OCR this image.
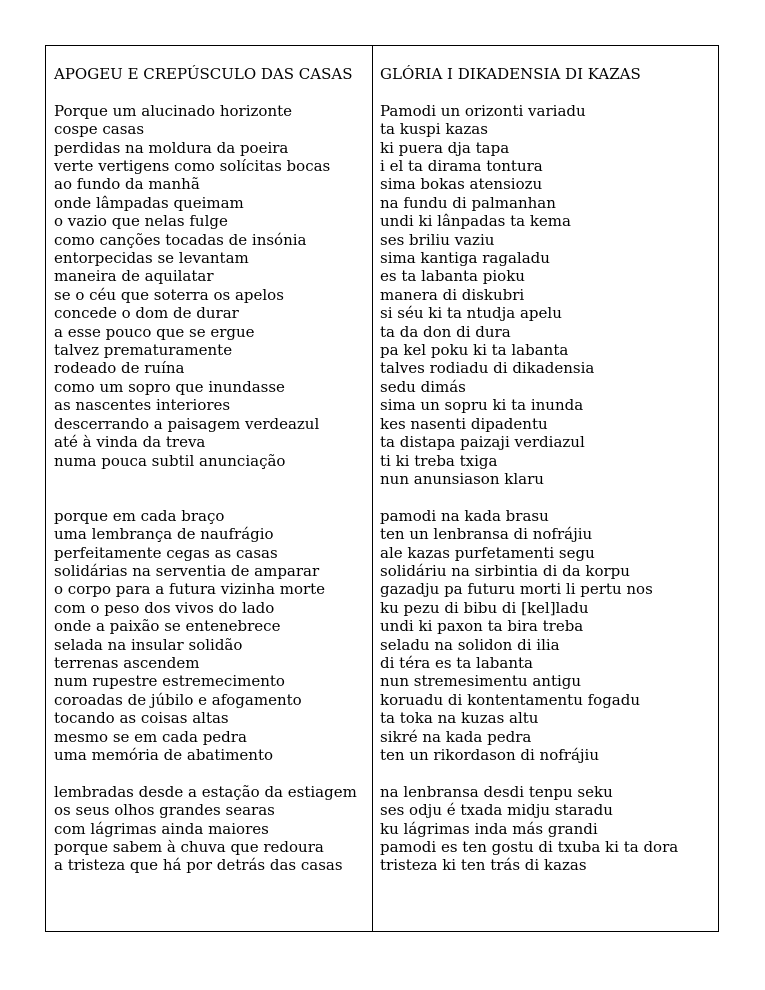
APOGEU E CREPÚSCULO DAS CASAS

Porque um alucinado horizonte

cospe casas

perdidas na moldura da poeira

verte vertigens como solícitas bocas

ao fundo da manhã

onde lâmpadas queimam

o vazio que nelas fulge

como canções tocadas de insónia

entorpecidas se levantam

maneira de aquilatar

se o céu que soterra os apelos

concede o dom de durar

a esse pouco que se ergue

talvez prematuramente

rodeado de ruína

como um sopro que inundasse

as nascentes interiores

descerrando a paisagem verdeazul

até à vinda da treva

numa pouca subtil anunciação

porque em cada braço

uma lembrança de naufrágio

perfeitamente cegas as casas

solidárias na serventia de amparar

o corpo para a futura vizinha morte

com o peso dos vivos do lado

onde a paixão se entenebrece

selada na insular solidão

terrenas ascendem

num rupestre estremecimento

coroadas de júbilo e afogamento

tocando as coisas altas

mesmo se em cada pedra

uma memória de abatimento

lembradas desde a estação da estiagem

os seus olhos grandes searas

com lágrimas ainda maiores

porque sabem à chuva que redoura

a tristeza que há por detrás das casas

GLÓRIA I DIKADENSIA DI KAZAS

Pamodi un orizonti variadu

ta kuspi kazas

ki puera dja tapa

i el ta dirama tontura

sima bokas atensiozu

na fundu di palmanhan

undi ki lânpadas ta kema

ses briliu vaziu

sima kantiga ragaladu

es ta labanta pioku

manera di diskubri

si séu ki ta ntudja apelu

ta da don di dura

pa kel poku ki ta labanta

talves rodiadu di dikadensia

sedu dimás

sima un sopru ki ta inunda

kes nasenti dipadentu

ta distapa paizaji verdiazul

ti ki treba txiga

nun anunsiason klaru

pamodi na kada brasu

ten un lenbransa di nofrájiu

ale kazas purfetamenti segu

solidáriu na sirbintia di da korpu

gazadju pa futuru morti li pertu nos

ku pezu di bibu di [kel]ladu

undi ki paxon ta bira treba

seladu na solidon di ilia

di téra es ta labanta

nun stremesimentu antigu

koruadu di kontentamentu fogadu

ta toka na kuzas altu

sikré na kada pedra

ten un rikordason di nofrájiu

na lenbransa desdi tenpu seku

ses odju é txada midju staradu

ku lágrimas inda más grandi

pamodi es ten gostu di txuba ki ta dora

tristeza ki ten trás di kazas
